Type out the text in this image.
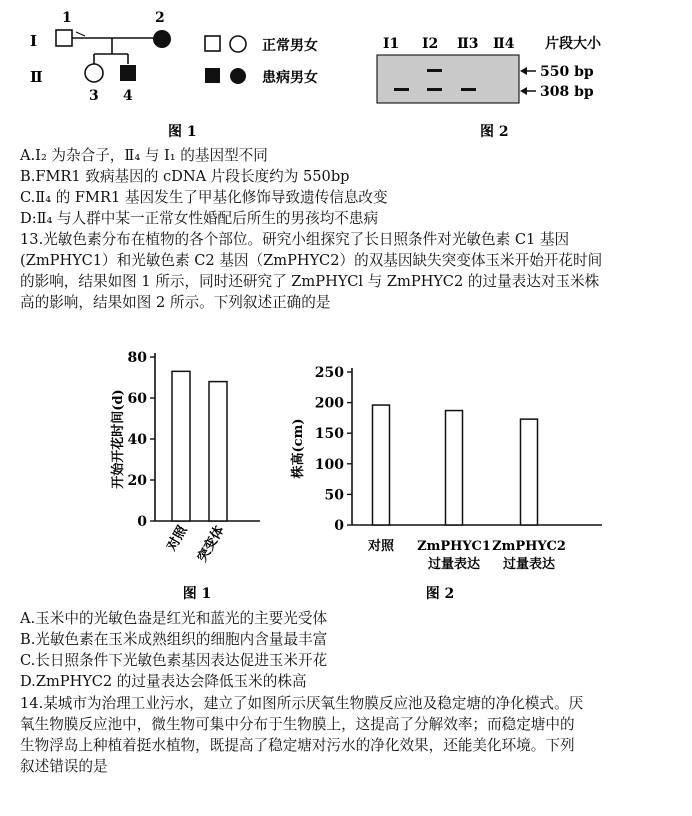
I
Ⅱ
1	2
3 4
正常男女
患病男女
图 1
I1 I2 Ⅱ3 Ⅱ4 片段大小
550 bp
308 bp
图 2
A.I₂ 为杂合子，Ⅱ₄ 与 I₁ 的基因型不同
B.FMR1 致病基因的 cDNA 片段长度约为 550bp
C.Ⅱ₄ 的 FMR1 基因发生了甲基化修饰导致遗传信息改变
D:Ⅱ₄ 与人群中某一正常女性婚配后所生的男孩均不患病
13.光敏色素分布在植物的各个部位。研究小组探究了长日照条件对光敏色素 C1 基因
(ZmPHYC1）和光敏色素 C2 基因（ZmPHYC2）的双基因缺失突变体玉米开始开花时间
的影响，结果如图 1 所示，同时还研究了 ZmPHYCl 与 ZmPHYC2 的过量表达对玉米株
高的影响，结果如图 2 所示。下列叙述正确的是
0
20
40
60
80
开始开花时间(d)
对照 突变体
图 1
0
50
100
150
200
250
株高(cm)
对照 ZmPHYC1
过量表达
ZmPHYC2
过量表达
图 2
A.玉米中的光敏色盎是红光和蓝光的主要光受体
B.光敏色素在玉米成熟组织的细胞内含量最丰富
C.长日照条件下光敏色素基因表达促进玉米开花
D.ZmPHYC2 的过量表达会降低玉米的株高
14.某城市为治理工业污水，建立了如图所示厌氧生物膜反应池及稳定塘的净化模式。厌
氧生物膜反应池中，微生物可集中分布于生物膜上，这提高了分解效率；而稳定塘中的
生物浮岛上种植着挺水植物，既提高了稳定塘对污水的净化效果，还能美化环境。下列
叙述错误的是
